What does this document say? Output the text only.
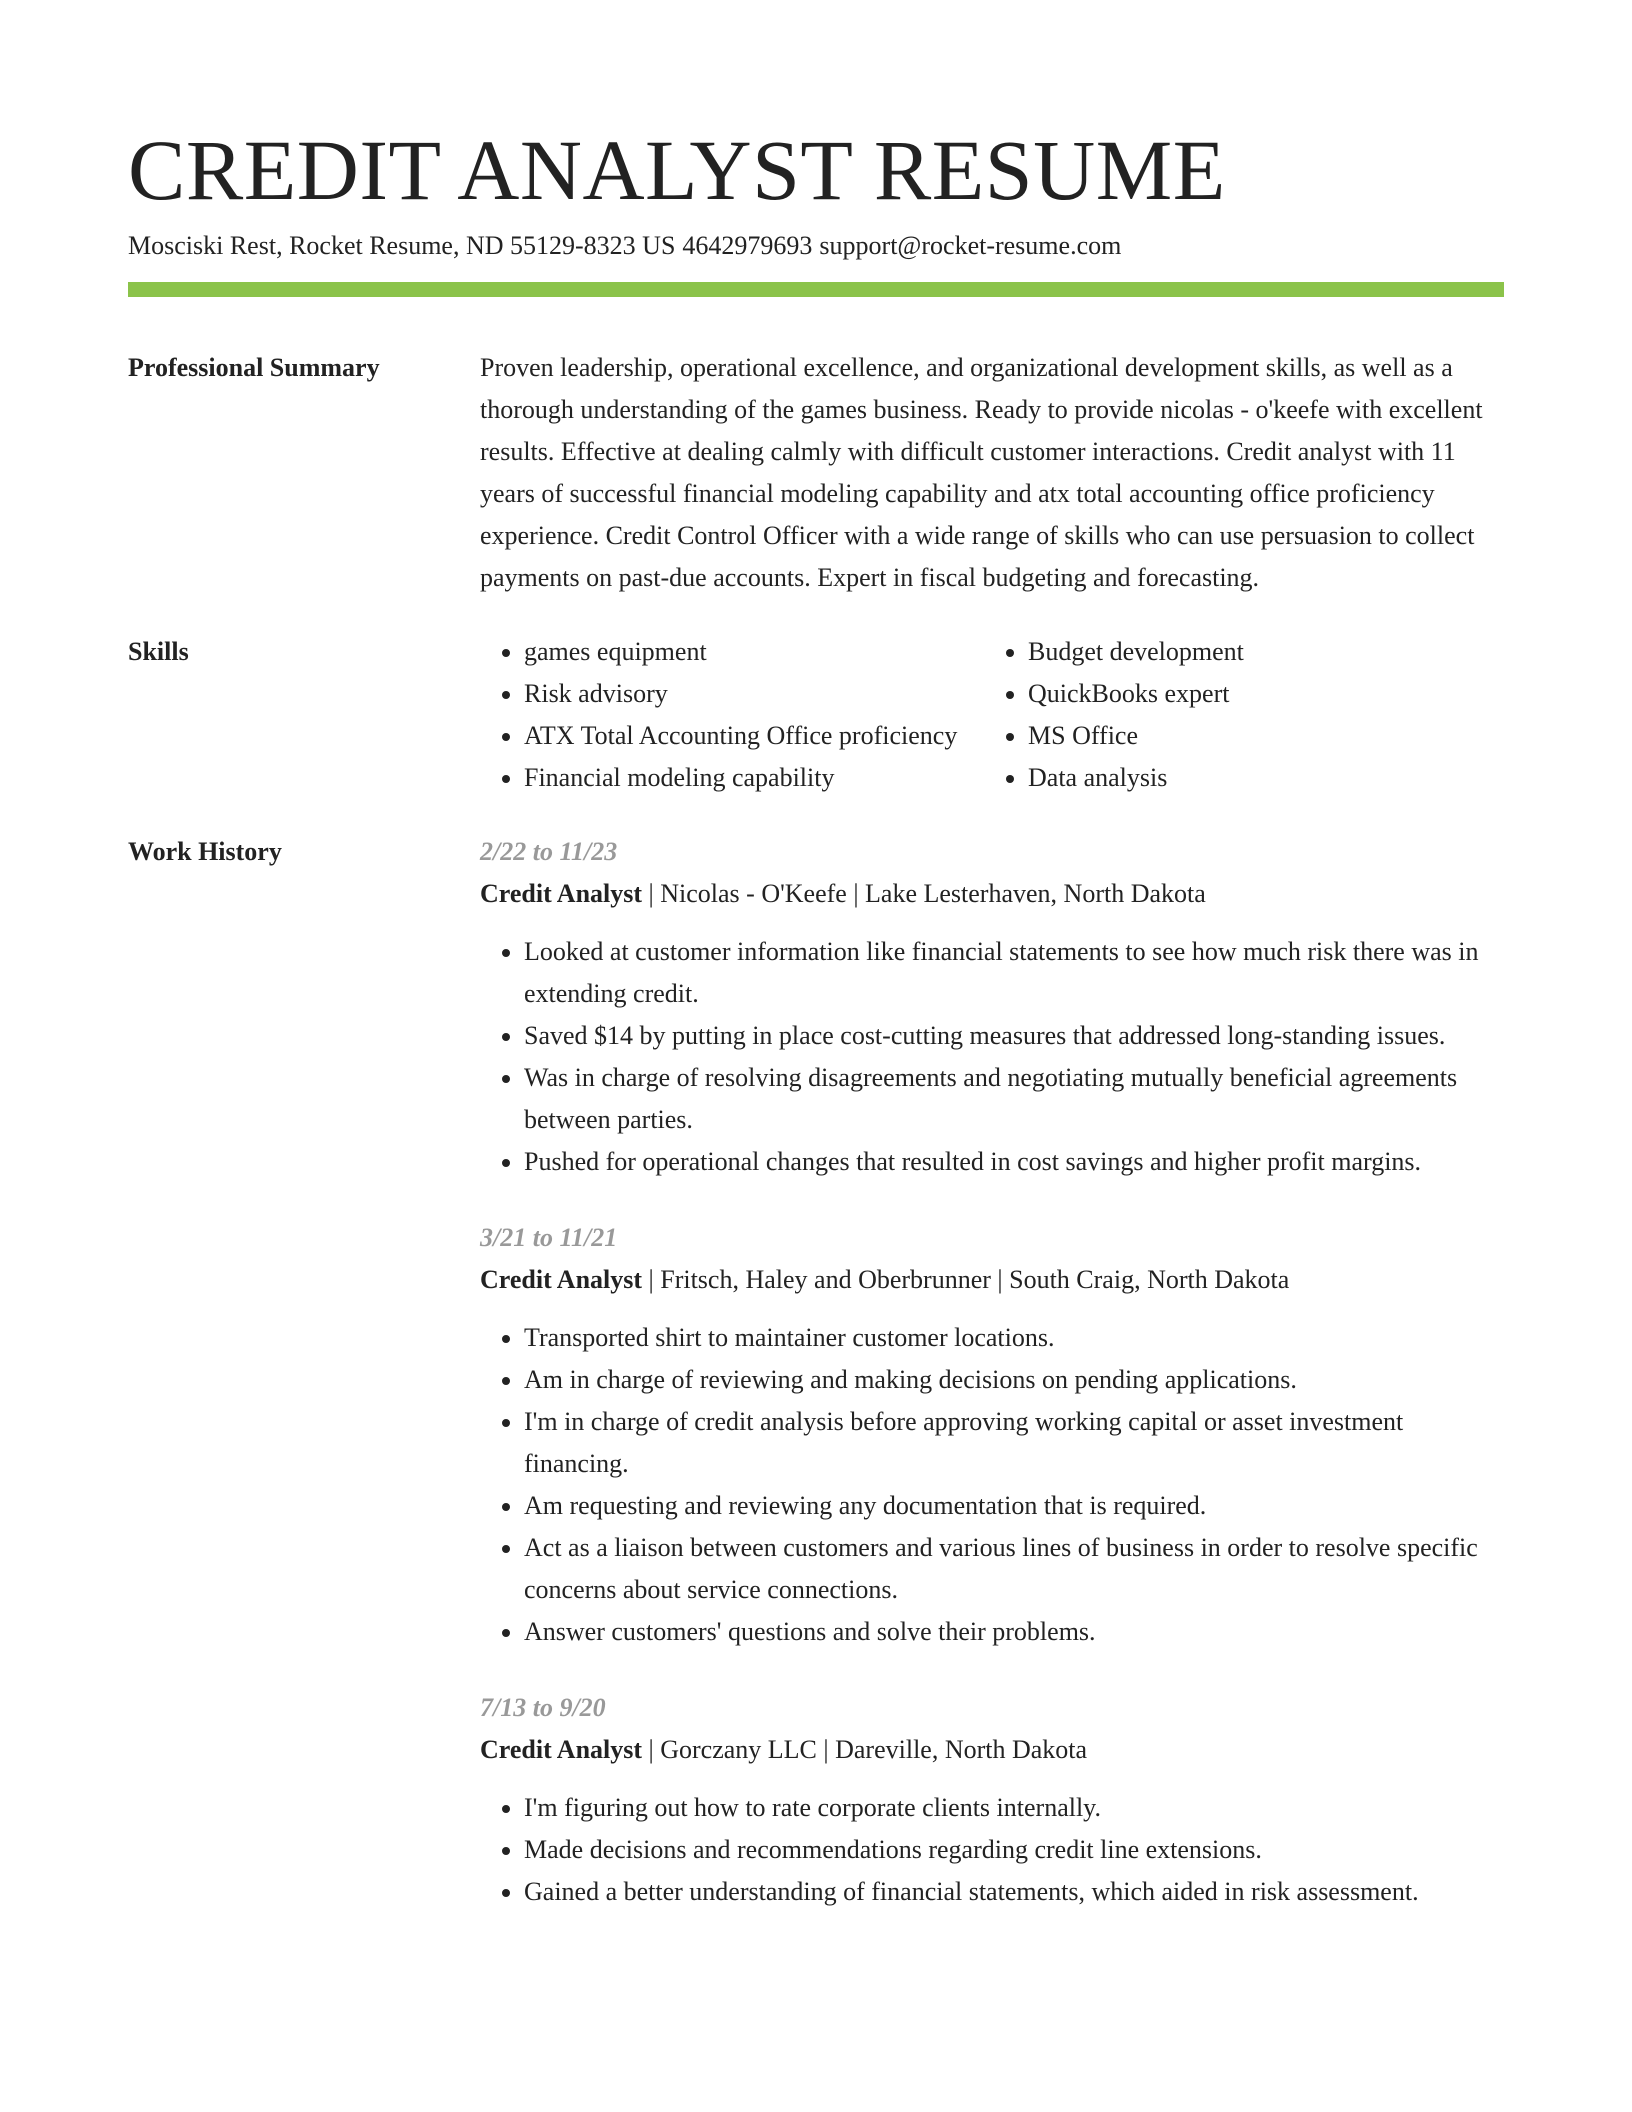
CREDIT ANALYST RESUME
Mosciski Rest, Rocket Resume, ND 55129-8323 US 4642979693 support@rocket-resume.com
Professional Summary	Proven leadership, operational excellence, and organizational development skills, as well as a thorough understanding of the games business. Ready to provide nicolas - o'keefe with excellent results. Effective at dealing calmly with difficult customer interactions. Credit analyst with 11 years of successful financial modeling capability and atx total accounting office proficiency experience. Credit Control Officer with a wide range of skills who can use persuasion to collect payments on past-due accounts. Expert in fiscal budgeting and forecasting.

Skills
•	games equipment
• Risk advisory
• ATX Total Accounting Office proficiency
• Financial modeling capability
• Budget development
• QuickBooks expert
• MS Office
• Data analysis
Work History	2/22 to 11/23
Credit Analyst | Nicolas - O'Keefe | Lake Lesterhaven, North Dakota
• Looked at customer information like financial statements to see how much risk there was in extending credit.
• Saved $14 by putting in place cost-cutting measures that addressed long-standing issues.
• Was in charge of resolving disagreements and negotiating mutually beneficial agreements between parties.
• Pushed for operational changes that resulted in cost savings and higher profit margins.
3/21 to 11/21
Credit Analyst | Fritsch, Haley and Oberbrunner | South Craig, North Dakota
• Transported shirt to maintainer customer locations.
• Am in charge of reviewing and making decisions on pending applications.
• I'm in charge of credit analysis before approving working capital or asset investment financing.
• Am requesting and reviewing any documentation that is required.
• Act as a liaison between customers and various lines of business in order to resolve specific concerns about service connections.
• Answer customers' questions and solve their problems.
7/13 to 9/20
Credit Analyst | Gorczany LLC | Dareville, North Dakota
• I'm figuring out how to rate corporate clients internally.
• Made decisions and recommendations regarding credit line extensions.
• Gained a better understanding of financial statements, which aided in risk assessment.
